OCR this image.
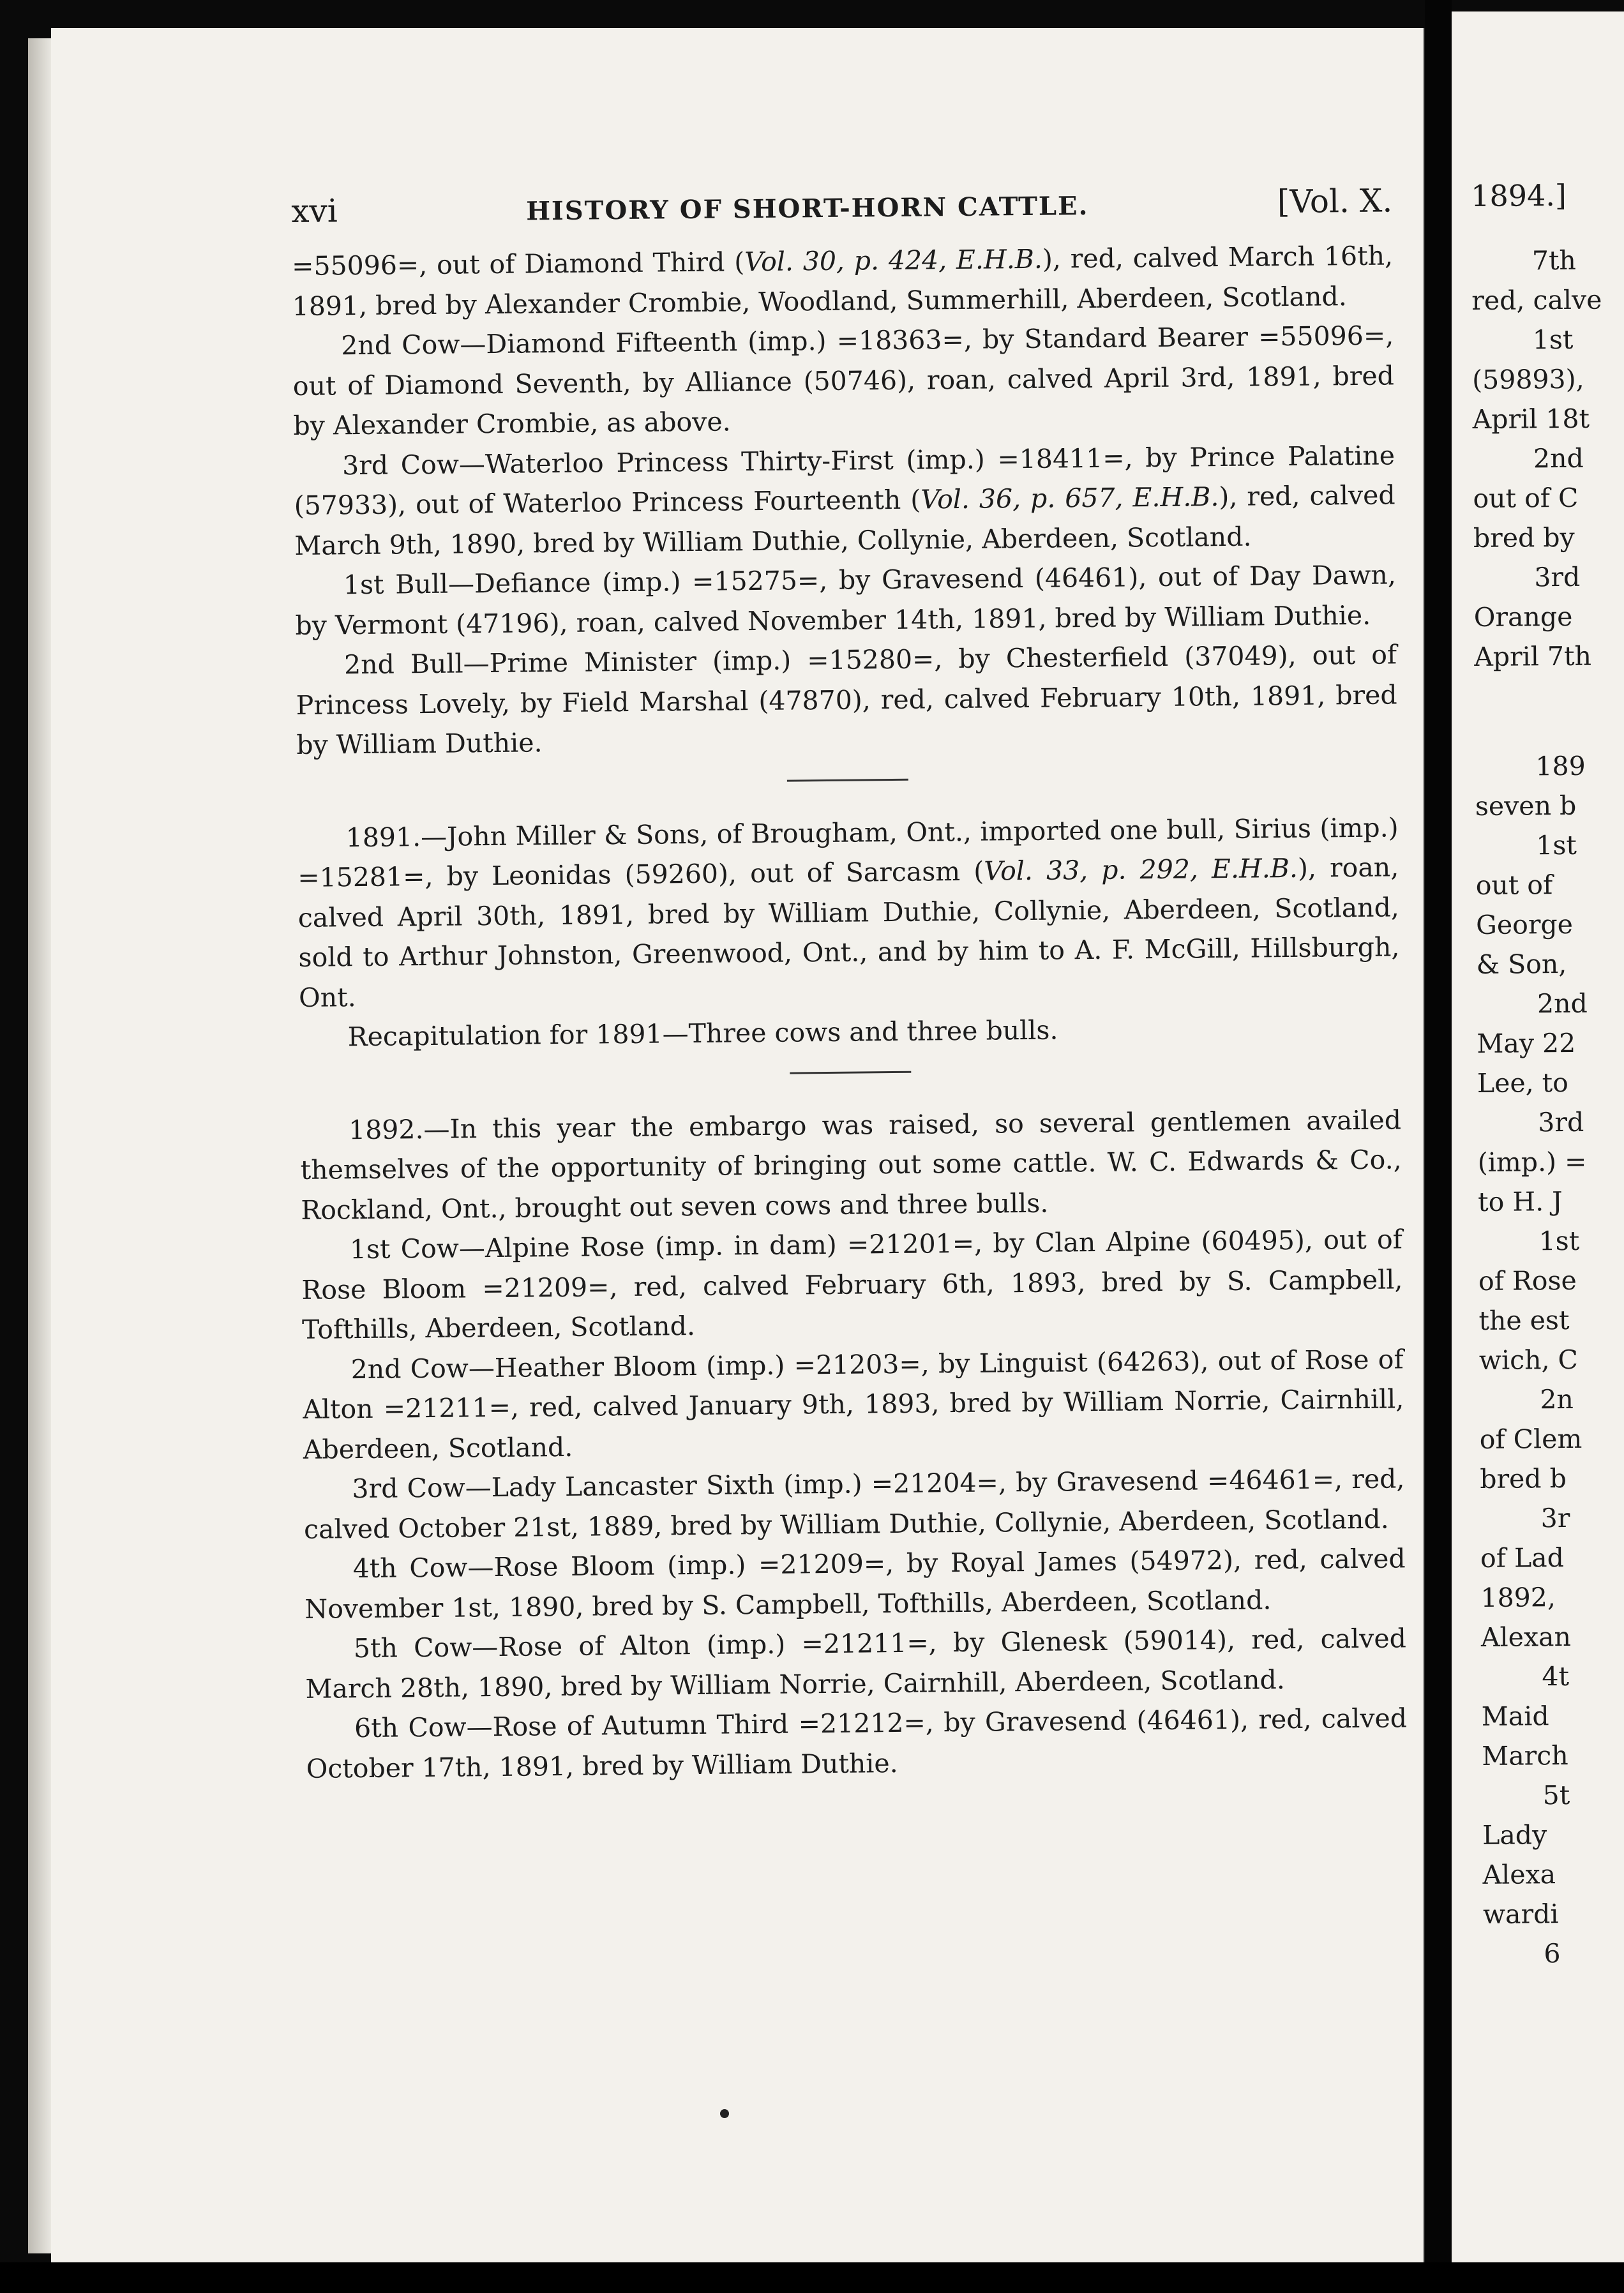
1894.]
7th
red, calve
1st
(59893),
April 18t
2nd
out of C
bred by
3rd
Orange
April 7th
189
seven b
1st
out of
George
& Son,
2nd
May 22
Lee, to
3rd
(imp.) =
to H. J
1st
of Rose
the est
wich, C
2n
of Clem
bred b
3r
of Lad
1892,
Alexan
4t
Maid
March
5t
Lady
Alexa
wardi
6
xvi	HISTORY OF SHORT-HORN CATTLE.	[Vol. X.

=55096=, out of Diamond Third (Vol. 30, p. 424, E.H.B.), red, calved March 16th, 1891, bred by Alexander Crombie, Woodland, Summerhill, Aberdeen, Scotland.

2nd Cow—Diamond Fifteenth (imp.) =18363=, by Standard Bearer =55096=, out of Diamond Seventh, by Alliance (50746), roan, calved April 3rd, 1891, bred by Alexander Crombie, as above.

3rd Cow—Waterloo Princess Thirty-First (imp.) =18411=, by Prince Palatine (57933), out of Waterloo Princess Fourteenth (Vol. 36, p. 657, E.H.B.), red, calved March 9th, 1890, bred by William Duthie, Collynie, Aberdeen, Scotland.

1st Bull—Defiance (imp.) =15275=, by Gravesend (46461), out of Day Dawn, by Vermont (47196), roan, calved November 14th, 1891, bred by William Duthie.

2nd Bull—Prime Minister (imp.) =15280=, by Chesterfield (37049), out of Princess Lovely, by Field Marshal (47870), red, calved February 10th, 1891, bred by William Duthie.

1891.—John Miller & Sons, of Brougham, Ont., imported one bull, Sirius (imp.) =15281=, by Leonidas (59260), out of Sarcasm (Vol. 33, p. 292, E.H.B.), roan, calved April 30th, 1891, bred by William Duthie, Collynie, Aberdeen, Scotland, sold to Arthur Johnston, Greenwood, Ont., and by him to A. F. McGill, Hillsburgh, Ont.

Recapitulation for 1891—Three cows and three bulls.

1892.—In this year the embargo was raised, so several gentlemen availed themselves of the opportunity of bringing out some cattle. W. C. Edwards & Co., Rockland, Ont., brought out seven cows and three bulls.

1st Cow—Alpine Rose (imp. in dam) =21201=, by Clan Alpine (60495), out of Rose Bloom =21209=, red, calved February 6th, 1893, bred by S. Campbell, Tofthills, Aberdeen, Scotland.

2nd Cow—Heather Bloom (imp.) =21203=, by Linguist (64263), out of Rose of Alton =21211=, red, calved January 9th, 1893, bred by William Norrie, Cairnhill, Aberdeen, Scotland.

3rd Cow—Lady Lancaster Sixth (imp.) =21204=, by Gravesend =46461=, red, calved October 21st, 1889, bred by William Duthie, Collynie, Aberdeen, Scotland.

4th Cow—Rose Bloom (imp.) =21209=, by Royal James (54972), red, calved November 1st, 1890, bred by S. Campbell, Tofthills, Aberdeen, Scotland.

5th Cow—Rose of Alton (imp.) =21211=, by Glenesk (59014), red, calved March 28th, 1890, bred by William Norrie, Cairnhill, Aberdeen, Scotland.

6th Cow—Rose of Autumn Third =21212=, by Gravesend (46461), red, calved October 17th, 1891, bred by William Duthie.
